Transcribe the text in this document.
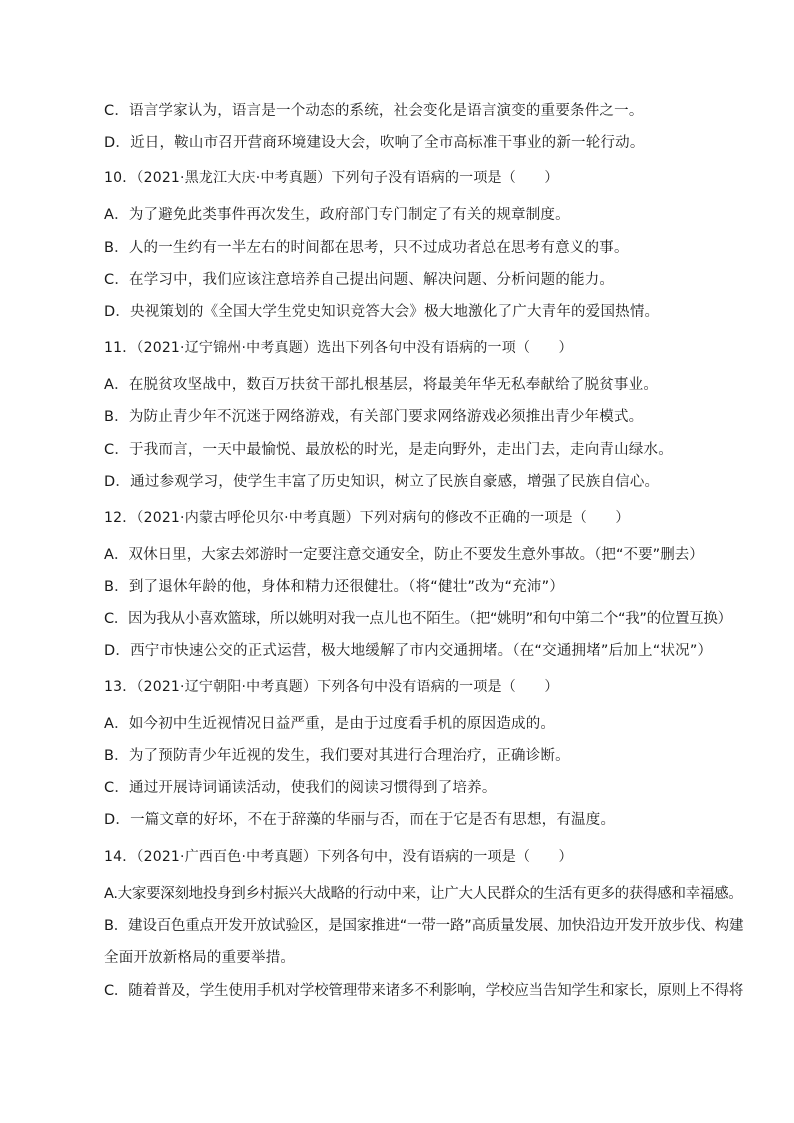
C．语言学家认为，语言是一个动态的系统，社会变化是语言演变的重要条件之一。
D．近日，鞍山市召开营商环境建设大会，吹响了全市高标准干事业的新一轮行动。
10．（2021·黑龙江大庆·中考真题）下列句子没有语病的一项是（　　）
A．为了避免此类事件再次发生，政府部门专门制定了有关的规章制度。
B．人的一生约有一半左右的时间都在思考，只不过成功者总在思考有意义的事。
C．在学习中，我们应该注意培养自己提出问题、解决问题、分析问题的能力。
D．央视策划的《全国大学生党史知识竞答大会》极大地激化了广大青年的爱国热情。
11．（2021·辽宁锦州·中考真题）选出下列各句中没有语病的一项（　　）
A．在脱贫攻坚战中，数百万扶贫干部扎根基层，将最美年华无私奉献给了脱贫事业。
B．为防止青少年不沉迷于网络游戏，有关部门要求网络游戏必须推出青少年模式。
C．于我而言，一天中最愉悦、最放松的时光，是走向野外，走出门去，走向青山绿水。
D．通过参观学习，使学生丰富了历史知识，树立了民族自豪感，增强了民族自信心。
12．（2021·内蒙古呼伦贝尔·中考真题）下列对病句的修改不正确的一项是（　　）
A．双休日里，大家去郊游时一定要注意交通安全，防止不要发生意外事故。（把“不要”删去）
B．到了退休年龄的他，身体和精力还很健壮。（将“健壮”改为“充沛”）
C．因为我从小喜欢篮球，所以姚明对我一点儿也不陌生。（把“姚明”和句中第二个“我”的位置互换）
D．西宁市快速公交的正式运营，极大地缓解了市内交通拥堵。（在“交通拥堵”后加上“状况”）
13．（2021·辽宁朝阳·中考真题）下列各句中没有语病的一项是（　　）
A．如今初中生近视情况日益严重，是由于过度看手机的原因造成的。
B．为了预防青少年近视的发生，我们要对其进行合理治疗，正确诊断。
C．通过开展诗词诵读活动，使我们的阅读习惯得到了培养。
D．一篇文章的好坏，不在于辞藻的华丽与否，而在于它是否有思想，有温度。
14．（2021·广西百色·中考真题）下列各句中，没有语病的一项是（　　）
A.大家要深刻地投身到乡村振兴大战略的行动中来，让广大人民群众的生活有更多的获得感和幸福感。
B．建设百色重点开发开放试验区，是国家推进“一带一路”高质量发展、加快沿边开发开放步伐、构建
全面开放新格局的重要举措。
C．随着普及，学生使用手机对学校管理带来诸多不利影响，学校应当告知学生和家长，原则上不得将
